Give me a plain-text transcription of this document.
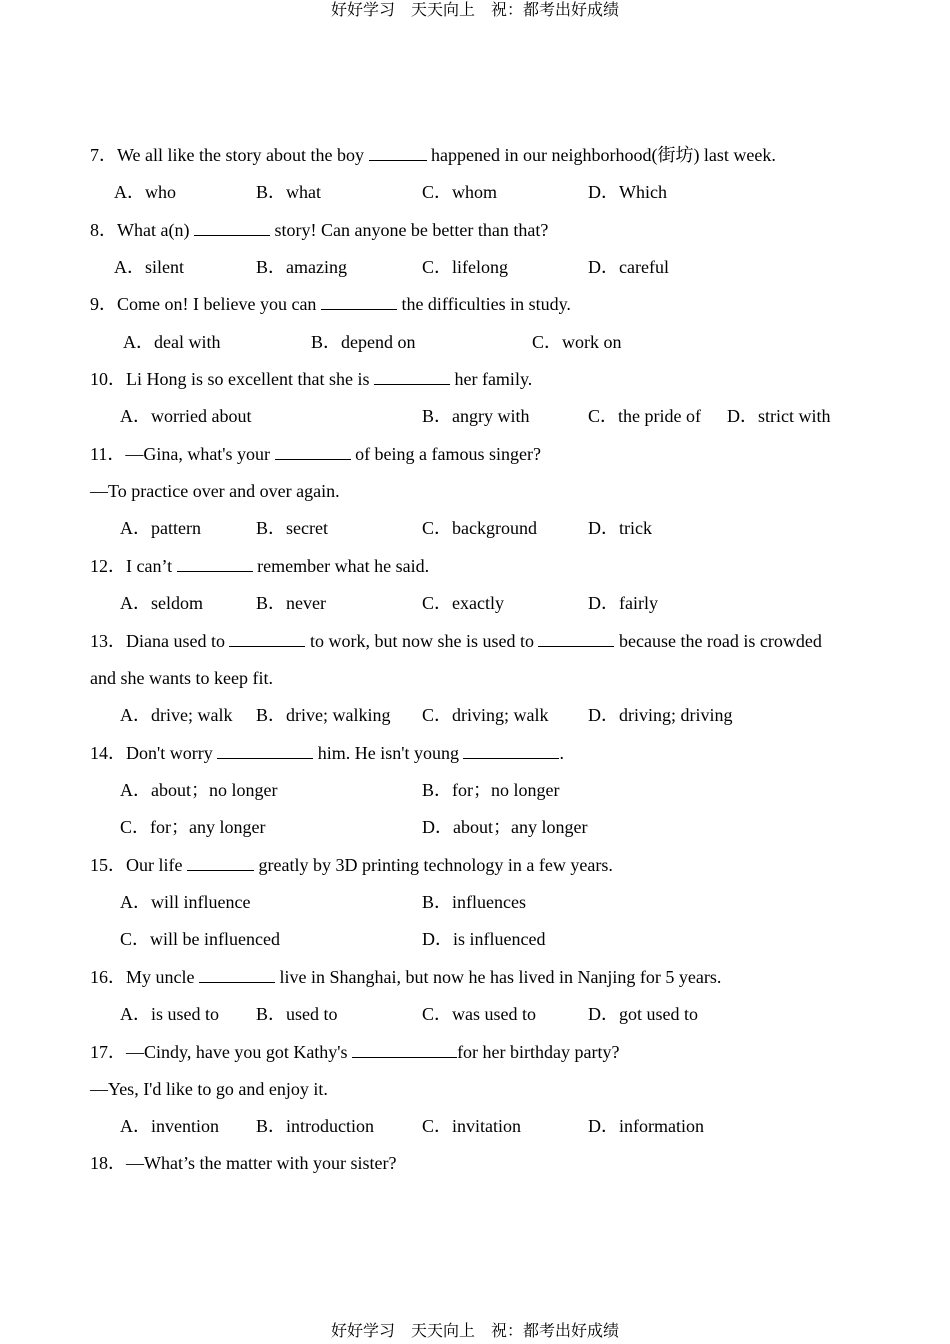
好好学习　天天向上　祝：都考出好成绩
7．We all like the story about the boy	happened in our neighborhood(街坊) last week.
A．who	B．what	C．whom	D．Which
8．What a(n)	story! Can anyone be better than that?
A．silent	B．amazing	C．lifelong	D．careful
9．Come on! I believe you can	the difficulties in study.
A．deal with	B．depend on	C．work on
10．Li Hong is so excellent that she is	her family.
A．worried about	B．angry with	C．the pride of D．strict with
11．—Gina, what's your	of being a famous singer?
—To practice over and over again.
A．pattern	B．secret	C．background	D．trick
12．I can’t	remember what he said.
A．seldom	B．never	C．exactly	D．fairly
13．Diana used to	to work, but now she is used to	because the road is crowded
and she wants to keep fit.
A．drive; walk B．drive; walking C．driving; walk D．driving; driving
14．Don't worry	him. He isn't young	.
A．about；no longer	B．for；no longer
C．for；any longer	D．about；any longer
15．Our life	greatly by 3D printing technology in a few years.
A．will influence	B．influences
C．will be influenced	D．is influenced
16．My uncle	live in Shanghai, but now he has lived in Nanjing for 5 years.
A．is used to B．used to	C．was used to	D．got used to
17．—Cindy, have you got Kathy's	for her birthday party?
—Yes, I'd like to go and enjoy it.
A．invention B．introduction	C．invitation	D．information
18．—What’s the matter with your sister?
好好学习　天天向上　祝：都考出好成绩
